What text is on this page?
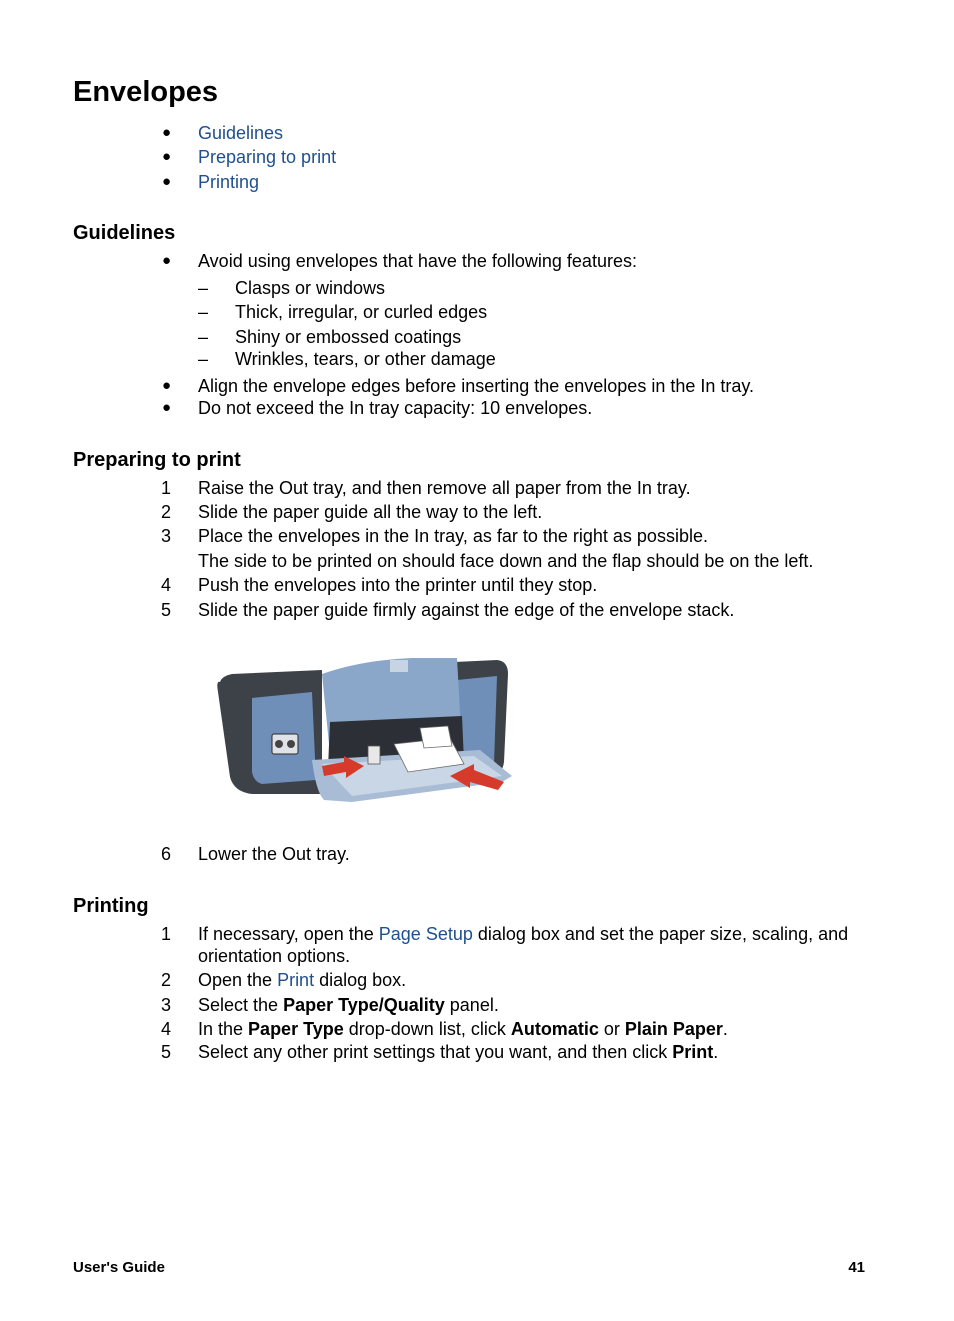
Envelopes
● Guidelines
● Preparing to print
● Printing
Guidelines
● Avoid using envelopes that have the following features:
– Clasps or windows
– Thick, irregular, or curled edges
– Shiny or embossed coatings
– Wrinkles, tears, or other damage
● Align the envelope edges before inserting the envelopes in the In tray.
● Do not exceed the In tray capacity: 10 envelopes.
Preparing to print
1 Raise the Out tray, and then remove all paper from the In tray.
2 Slide the paper guide all the way to the left.
3 Place the envelopes in the In tray, as far to the right as possible.
The side to be printed on should face down and the flap should be on the left.
4 Push the envelopes into the printer until they stop.
5 Slide the paper guide firmly against the edge of the envelope stack.
6 Lower the Out tray.
Printing
1 If necessary, open the Page Setup dialog box and set the paper size, scaling, and
orientation options.
2 Open the Print dialog box.
3 Select the Paper Type/Quality panel.
4 In the Paper Type drop-down list, click Automatic or Plain Paper.
5 Select any other print settings that you want, and then click Print.
User's Guide	41
